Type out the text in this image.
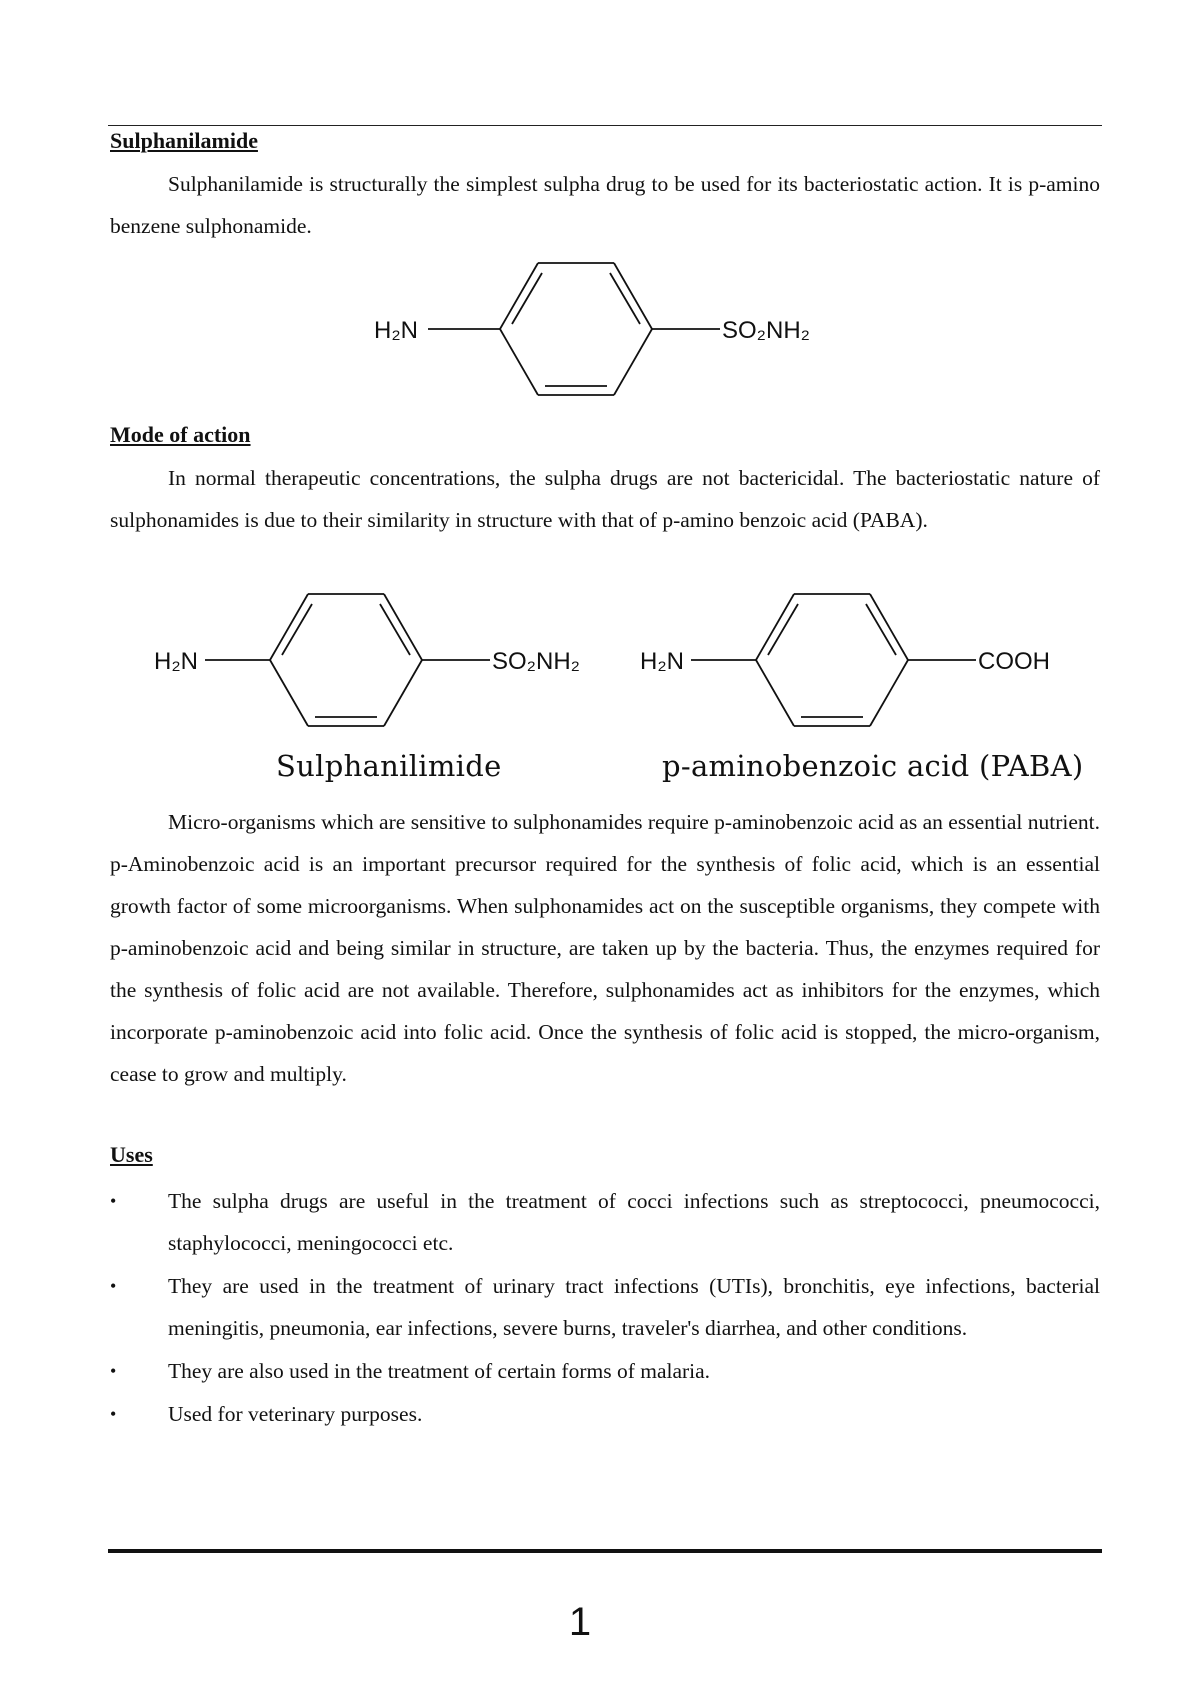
Sulphanilamide
Sulphanilamide is structurally the simplest sulpha drug to be used for its bacteriostatic action. It is p-amino benzene sulphonamide.
H₂N	SO₂NH₂
Mode of action
In normal therapeutic concentrations, the sulpha drugs are not bactericidal. The bacteriostatic nature of sulphonamides is due to their similarity in structure with that of p-amino benzoic acid (PABA).
H₂N	SO₂NH₂
Sulphanilimide
H₂N	COOH
p-aminobenzoic acid (PABA)
Micro-organisms which are sensitive to sulphonamides require p-aminobenzoic acid as an essential nutrient. p-Aminobenzoic acid is an important precursor required for the synthesis of folic acid, which is an essential growth factor of some microorganisms. When sulphonamides act on the susceptible organisms, they compete with p-aminobenzoic acid and being similar in structure, are taken up by the bacteria. Thus, the enzymes required for the synthesis of folic acid are not available. Therefore, sulphonamides act as inhibitors for the enzymes, which incorporate p-aminobenzoic acid into folic acid. Once the synthesis of folic acid is stopped, the micro-organism, cease to grow and multiply.
Uses
• The sulpha drugs are useful in the treatment of cocci infections such as streptococci, pneumococci, staphylococci, meningococci etc.
• They are used in the treatment of urinary tract infections (UTIs), bronchitis, eye infections, bacterial meningitis, pneumonia, ear infections, severe burns, traveler's diarrhea, and other conditions.
• They are also used in the treatment of certain forms of malaria.
• Used for veterinary purposes.
1
